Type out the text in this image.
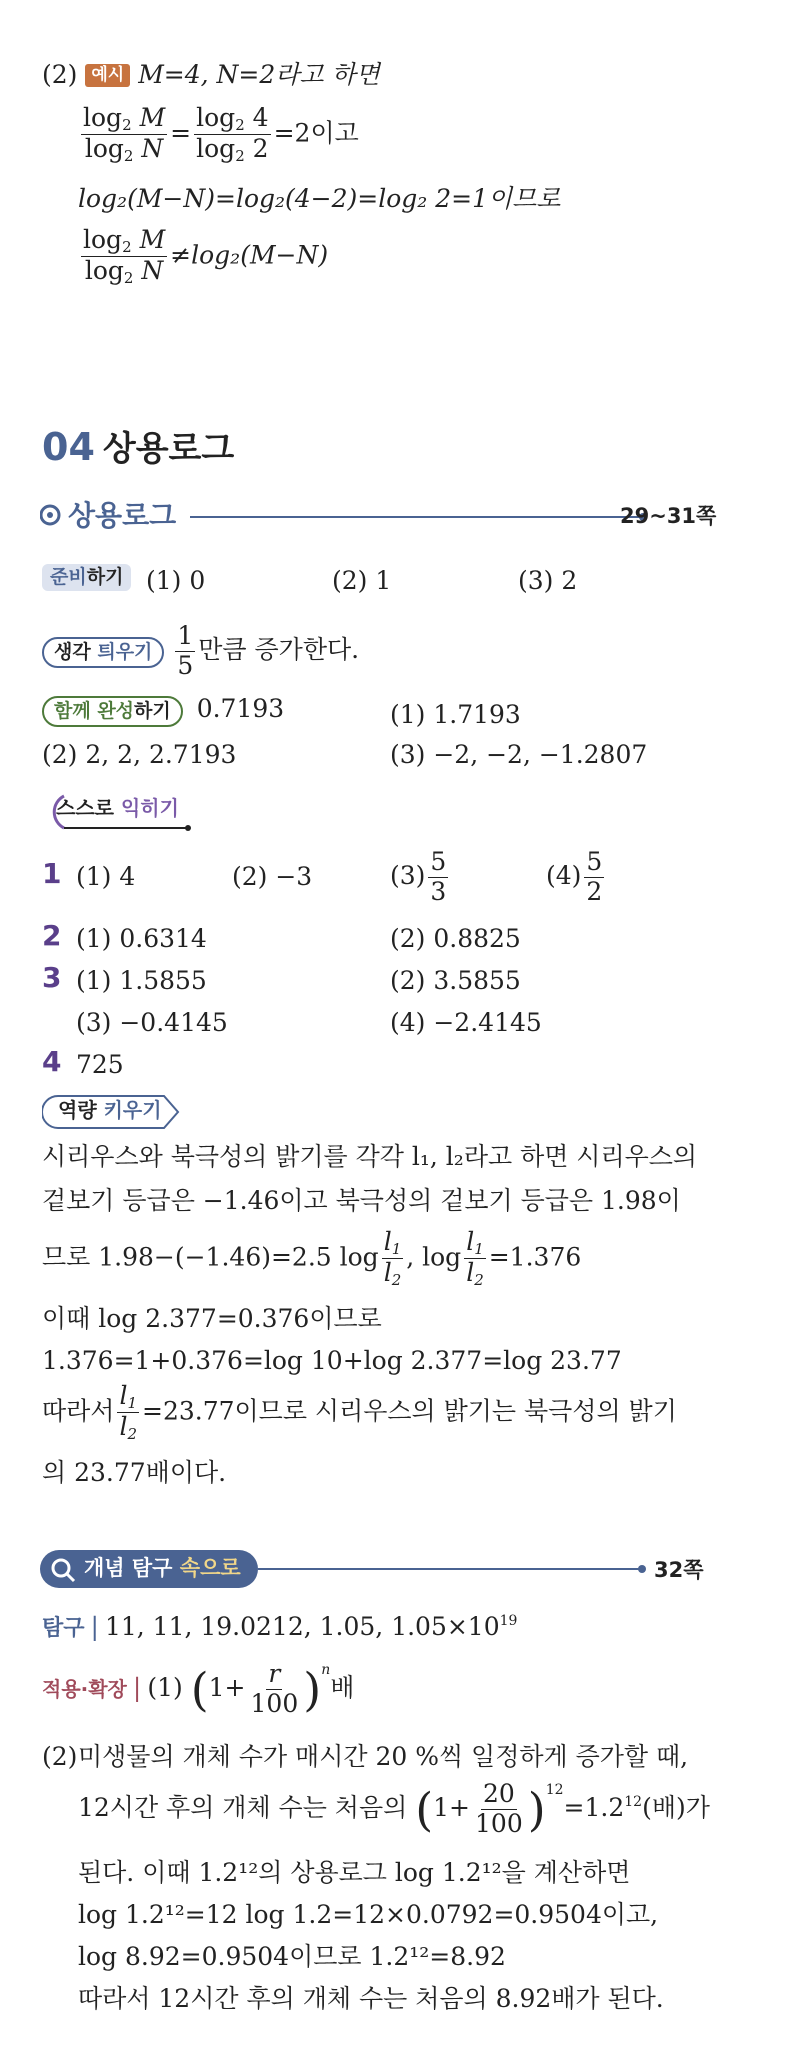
(2) 예시 M=4, N=2라고 하면
$\frac{\log_2 M}{\log_2 N} = \frac{\log_2 4}{\log_2 2} =2$이고
log₂(M−N)=log₂(4−2)=log₂ 2=1이므로
$\frac{\log_2 M}{\log_2 N} \ne\log_2(M-N)$
04 상용로그
상용로그	29~31쪽
준비하기 (1) 0	(2) 1	(3) 2
생각 틔우기 $\frac{1}{5}$ 만큼 증가한다.
함께 완성하기 0.7193	(1) 1.7193
(2) 2, 2, 2.7193	(3) −2, −2, −1.2807
스스로 익히기
1 (1) 4	(2) −3	$(3) \frac{5}{3}$	$(4) \frac{5}{2}$
2 (1) 0.6314	(2) 0.8825
3 (1) 1.5855	(2) 3.5855
(3) −0.4145	(4) −2.4145
4 725
역량 키우기
시리우스와 북극성의 밝기를 각각 l₁, l₂라고 하면 시리우스의
겉보기 등급은 −1.46이고 북극성의 겉보기 등급은 1.98이
므로 1.98−(−1.46)=2.5 $\log \frac{l_1}{l_2}$ , $\log \frac{l_1}{l_2} =1.376$
이때 log 2.377=0.376이므로
1.376=1+0.376=log 10+log 2.377=log 23.77
따라서 $\frac{l_1}{l_2} =23.77$이므로 시리우스의 밝기는 북극성의 밝기
의 23.77배이다.
개념 탐구 속으로	32쪽
탐구 | 11, 11, 19.0212, 1.05, $1.05\times 10^{19}$
적용·확장 | (1) $(1+ \frac{r}{100} )^n$배
(2) 미생물의 개체 수가 매시간 20 %씩 일정하게 증가할 때,
12시간 후의 개체 수는 처음의 $(1+ \frac{20}{100} )^{12}=1.2^{12}$(배)가
된다. 이때 1.2¹²의 상용로그 log 1.2¹²을 계산하면
log 1.2¹²=12 log 1.2=12×0.0792=0.9504이고,
log 8.92=0.9504이므로 1.2¹²=8.92
따라서 12시간 후의 개체 수는 처음의 8.92배가 된다.
